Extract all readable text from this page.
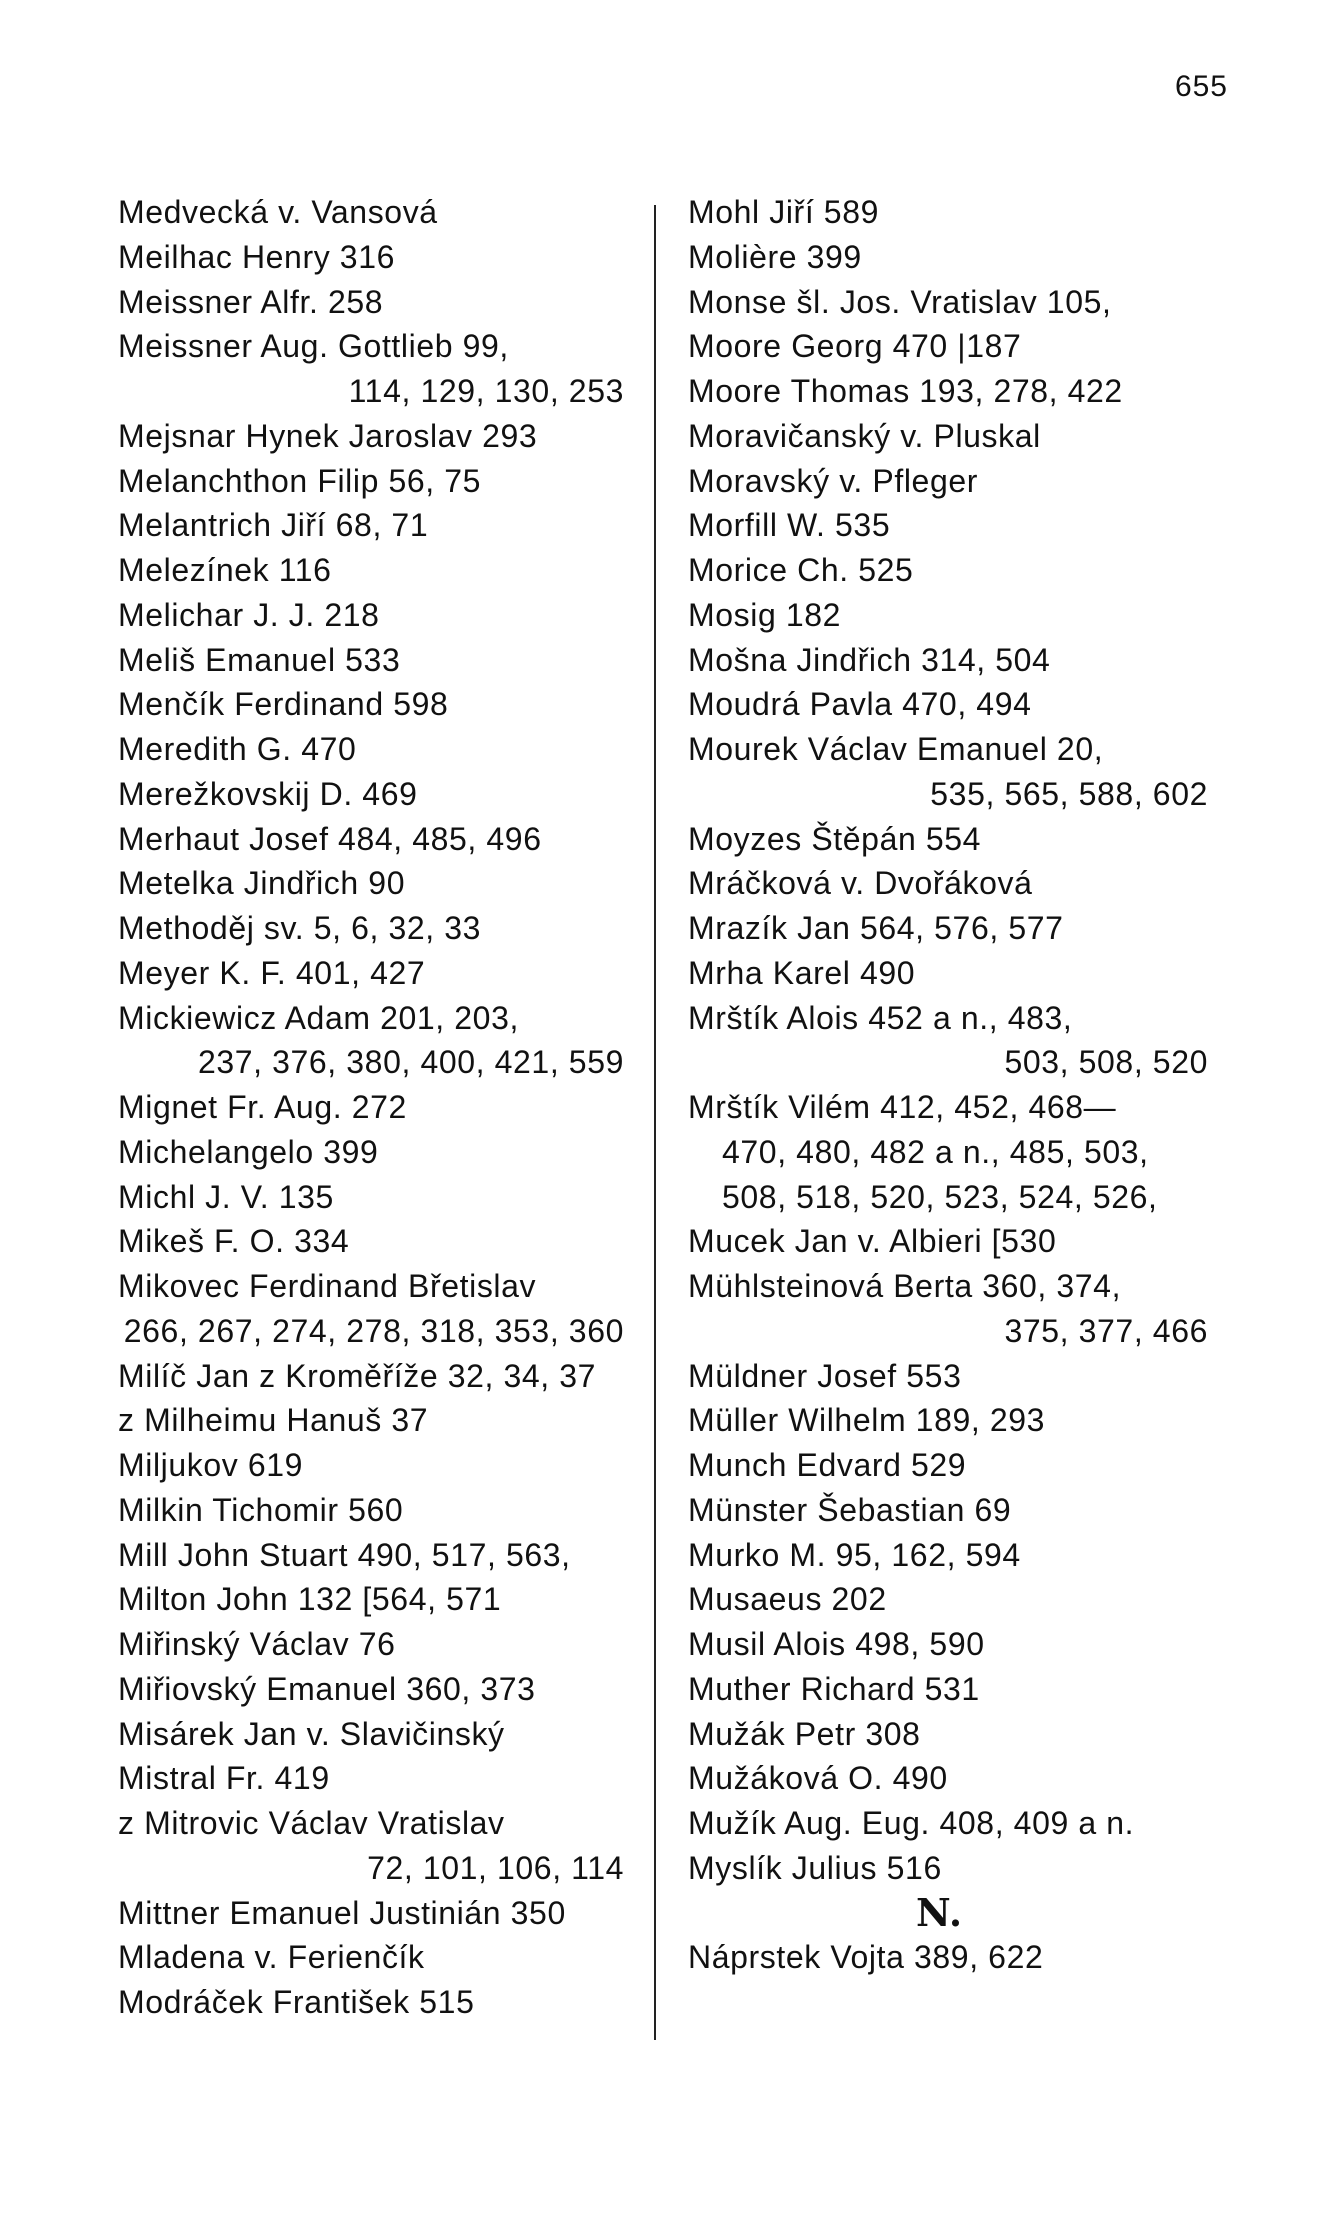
655
Medvecká v. Vansová
Meilhac Henry 316
Meissner Alfr. 258
Meissner Aug. Gottlieb 99,
114, 129, 130, 253
Mejsnar Hynek Jaroslav 293
Melanchthon Filip 56, 75
Melantrich Jiří 68, 71
Melezínek 116
Melichar J. J. 218
Meliš Emanuel 533
Menčík Ferdinand 598
Meredith G. 470
Merežkovskij D. 469
Merhaut Josef 484, 485, 496
Metelka Jindřich 90
Methoděj sv. 5, 6, 32, 33
Meyer K. F. 401, 427
Mickiewicz Adam 201, 203,
237, 376, 380, 400, 421, 559
Mignet Fr. Aug. 272
Michelangelo 399
Michl J. V. 135
Mikeš F. O. 334
Mikovec Ferdinand Břetislav
266, 267, 274, 278, 318, 353, 360
Milíč Jan z Kroměříže 32, 34, 37
z Milheimu Hanuš 37
Miljukov 619
Milkin Tichomir 560
Mill John Stuart 490, 517, 563,
Milton John 132 [564, 571
Miřinský Václav 76
Miřiovský Emanuel 360, 373
Misárek Jan v. Slavičinský
Mistral Fr. 419
z Mitrovic Václav Vratislav
72, 101, 106, 114
Mittner Emanuel Justinián 350
Mladena v. Ferienčík
Modráček František 515
Mohl Jiří 589
Molière 399
Monse šl. Jos. Vratislav 105,
Moore Georg 470 |187
Moore Thomas 193, 278, 422
Moravičanský v. Pluskal
Moravský v. Pfleger
Morfill W. 535
Morice Ch. 525
Mosig 182
Mošna Jindřich 314, 504
Moudrá Pavla 470, 494
Mourek Václav Emanuel 20,
535, 565, 588, 602
Moyzes Štěpán 554
Mráčková v. Dvořáková
Mrazík Jan 564, 576, 577
Mrha Karel 490
Mrštík Alois 452 a n., 483,
503, 508, 520
Mrštík Vilém 412, 452, 468—
470, 480, 482 a n., 485, 503,
508, 518, 520, 523, 524, 526,
Mucek Jan v. Albieri [530
Mühlsteinová Berta 360, 374,
375, 377, 466
Müldner Josef 553
Müller Wilhelm 189, 293
Munch Edvard 529
Münster Šebastian 69
Murko M. 95, 162, 594
Musaeus 202
Musil Alois 498, 590
Muther Richard 531
Mužák Petr 308
Mužáková O. 490
Mužík Aug. Eug. 408, 409 a n.
Myslík Julius 516
N.
Náprstek Vojta 389, 622
